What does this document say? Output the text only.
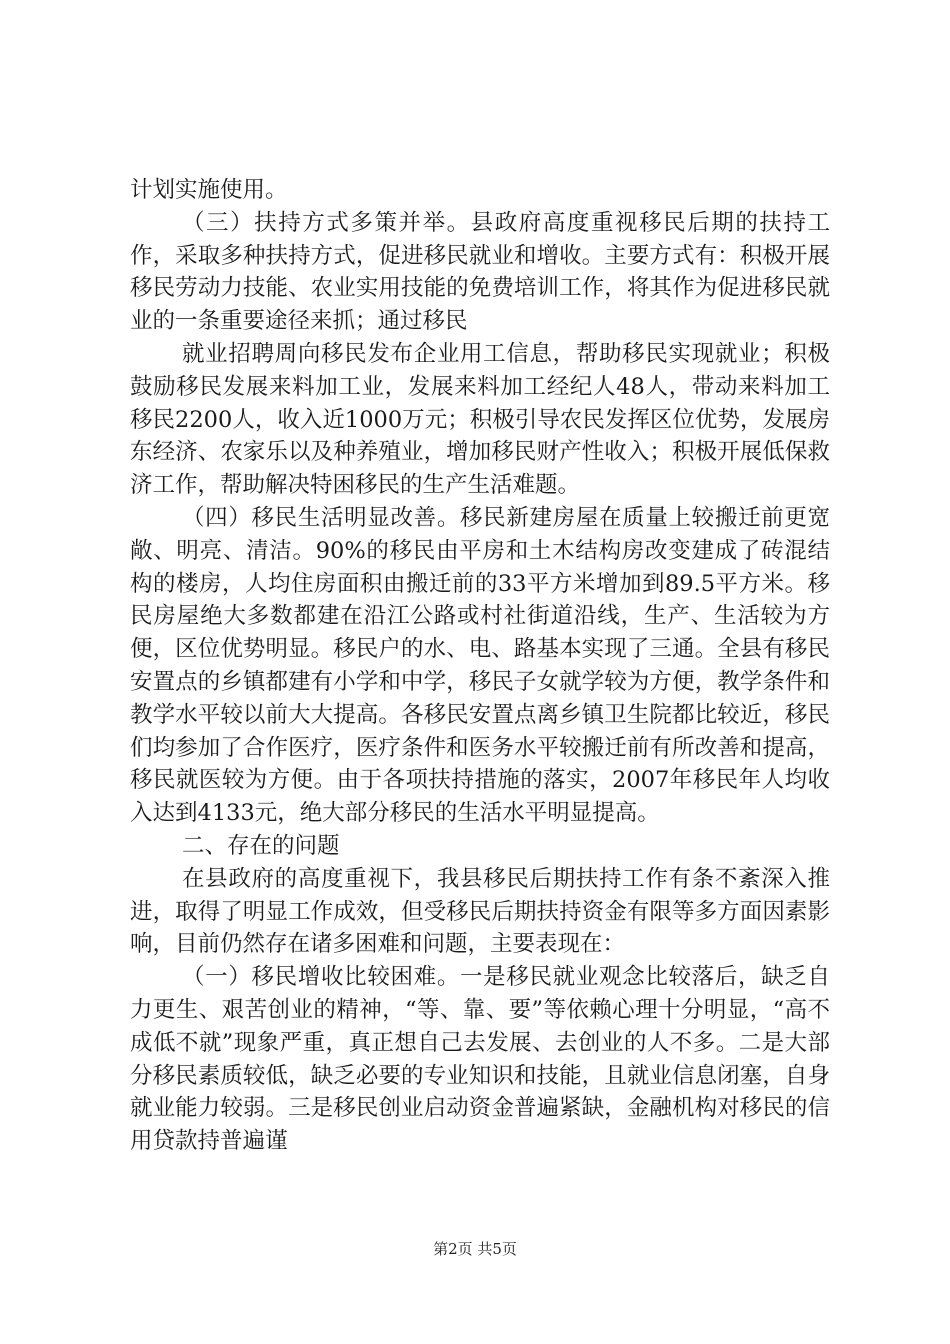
计划实施使用。

（三）扶持方式多策并举。县政府高度重视移民后期的扶持工作，采取多种扶持方式，促进移民就业和增收。主要方式有：积极开展移民劳动力技能、农业实用技能的免费培训工作，将其作为促进移民就业的一条重要途径来抓；通过移民

就业招聘周向移民发布企业用工信息，帮助移民实现就业；积极鼓励移民发展来料加工业，发展来料加工经纪人48人，带动来料加工移民2200人，收入近1000万元；积极引导农民发挥区位优势，发展房东经济、农家乐以及种养殖业，增加移民财产性收入；积极开展低保救济工作，帮助解决特困移民的生产生活难题。

（四）移民生活明显改善。移民新建房屋在质量上较搬迁前更宽敞、明亮、清洁。90%的移民由平房和土木结构房改变建成了砖混结构的楼房，人均住房面积由搬迁前的33平方米增加到89.5平方米。移民房屋绝大多数都建在沿江公路或村社街道沿线，生产、生活较为方便，区位优势明显。移民户的水、电、路基本实现了三通。全县有移民安置点的乡镇都建有小学和中学，移民子女就学较为方便，教学条件和教学水平较以前大大提高。各移民安置点离乡镇卫生院都比较近，移民们均参加了合作医疗，医疗条件和医务水平较搬迁前有所改善和提高，移民就医较为方便。由于各项扶持措施的落实，2007年移民年人均收入达到4133元，绝大部分移民的生活水平明显提高。

二、存在的问题

在县政府的高度重视下，我县移民后期扶持工作有条不紊深入推进，取得了明显工作成效，但受移民后期扶持资金有限等多方面因素影响，目前仍然存在诸多困难和问题，主要表现在：

（一）移民增收比较困难。一是移民就业观念比较落后，缺乏自力更生、艰苦创业的精神，“等、靠、要”等依赖心理十分明显，“高不成低不就”现象严重，真正想自己去发展、去创业的人不多。二是大部分移民素质较低，缺乏必要的专业知识和技能，且就业信息闭塞，自身就业能力较弱。三是移民创业启动资金普遍紧缺，金融机构对移民的信用贷款持普遍谨

第2页 共5页
